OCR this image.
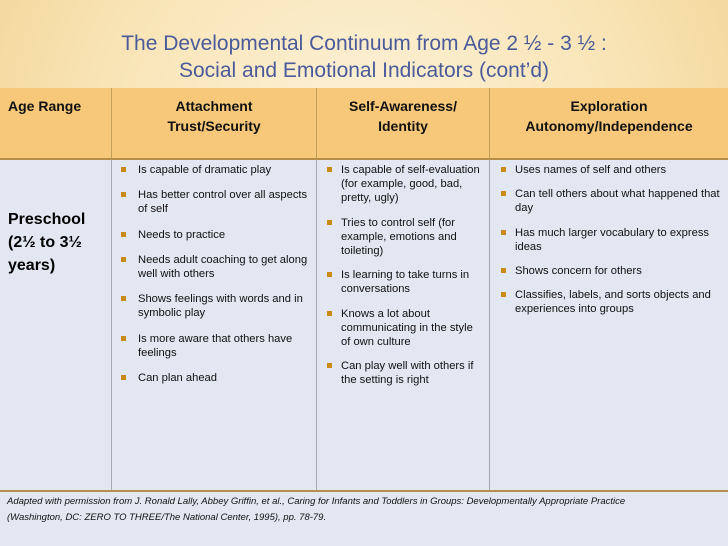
The Developmental Continuum from Age 2 ½ - 3 ½ :
Social and Emotional Indicators (cont’d)
Age Range	Attachment
Trust/Security
Self-Awareness/
Identity
Exploration
Autonomy/Independence
Preschool
(2½ to 3½
years)
Is capable of dramatic play
Has better control over all aspects of self
Needs to practice
Needs adult coaching to get along well with others
Shows feelings with words and in symbolic play
Is more aware that others have feelings
Can plan ahead
Is capable of self-evaluation (for example, good, bad, pretty, ugly)
Tries to control self (for example, emotions and toileting)
Is learning to take turns in conversations
Knows a lot about communicating in the style of own culture
Can play well with others if the setting is right
Uses names of self and others
Can tell others about what happened that day
Has much larger vocabulary to express ideas
Shows concern for others
Classifies, labels, and sorts objects and experiences into groups
Adapted with permission from J. Ronald Lally, Abbey Griffin, et al., Caring for Infants and Toddlers in Groups: Developmentally Appropriate Practice
(Washington, DC: ZERO TO THREE/The National Center, 1995), pp. 78-79.
